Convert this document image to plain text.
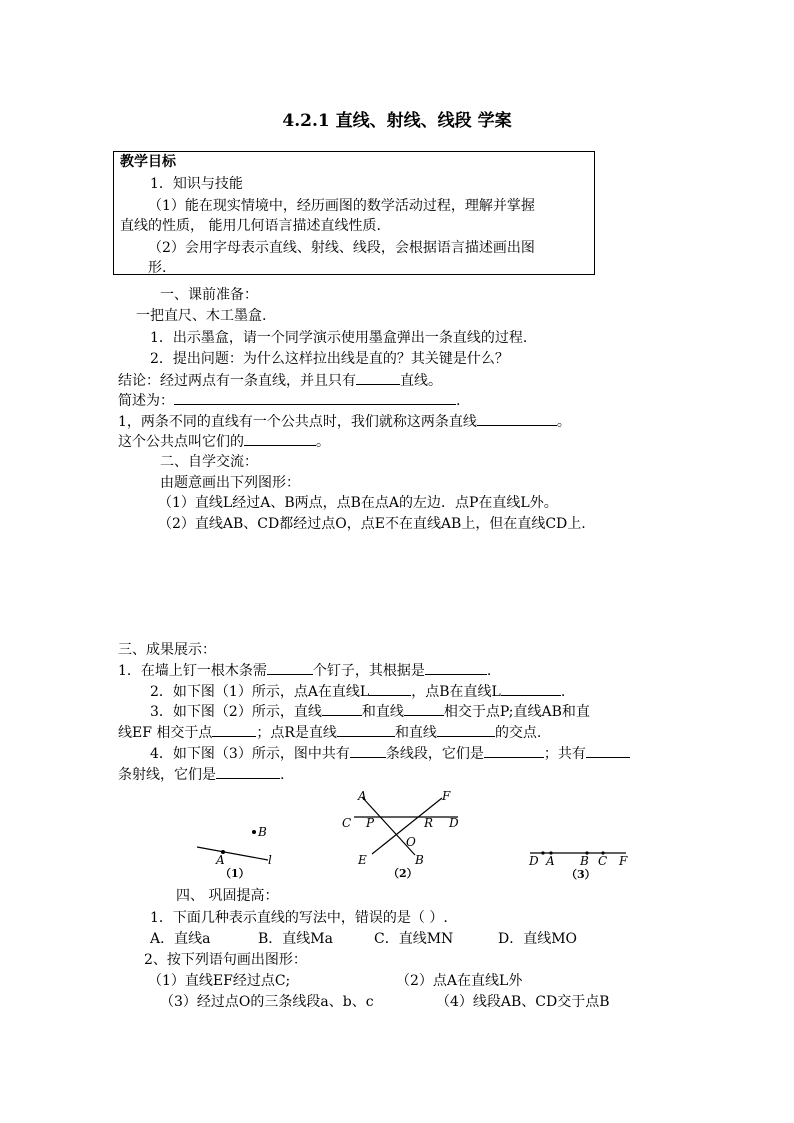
4.2.1 直线、射线、线段 学案
教学目标
1．知识与技能
（1）能在现实情境中，经历画图的数学活动过程，理解并掌握
直线的性质， 能用几何语言描述直线性质.
（2）会用字母表示直线、射线、线段，会根据语言描述画出图
形.
一、课前准备：
一把直尺、木工墨盒.
1．出示墨盒，请一个同学演示使用墨盒弹出一条直线的过程.
2．提出问题：为什么这样拉出线是直的？其关键是什么？
结论：经过两点有一条直线，并且只有	直线。
简述为：	.
1，两条不同的直线有一个公共点时，我们就称这两条直线	。
这个公共点叫它们的	。
二、自学交流：
由题意画出下列图形：
（1）直线L经过A、B两点，点B在点A的左边．点P在直线L外。
（2）直线AB、CD都经过点O，点E不在直线AB上，但在直线CD上.
三、成果展示：
1．在墙上钉一根木条需	个钉子，其根据是	.
2．如下图（1）所示，点A在直线L	，点B在直线L	.
3．如下图（2）所示，直线	和直线	相交于点P;直线AB和直
线EF 相交于点	；点R是直线	和直线	的交点.
4．如下图（3）所示，图中共有	条线段，它们是	；共有
条射线，它们是	.
B
A	l
（1）
A	F
C P	R D
O
E	B
（2）
D A B C F
（3）
四、 巩固提高：
1．下面几种表示直线的写法中，错误的是（ ）.
A．直线a	B．直线Ma	C．直线MN	D．直线MO
2、按下列语句画出图形：
（1）直线EF经过点C;	（2）点A在直线L外
（3）经过点O的三条线段a、b、c	（4）线段AB、CD交于点B
